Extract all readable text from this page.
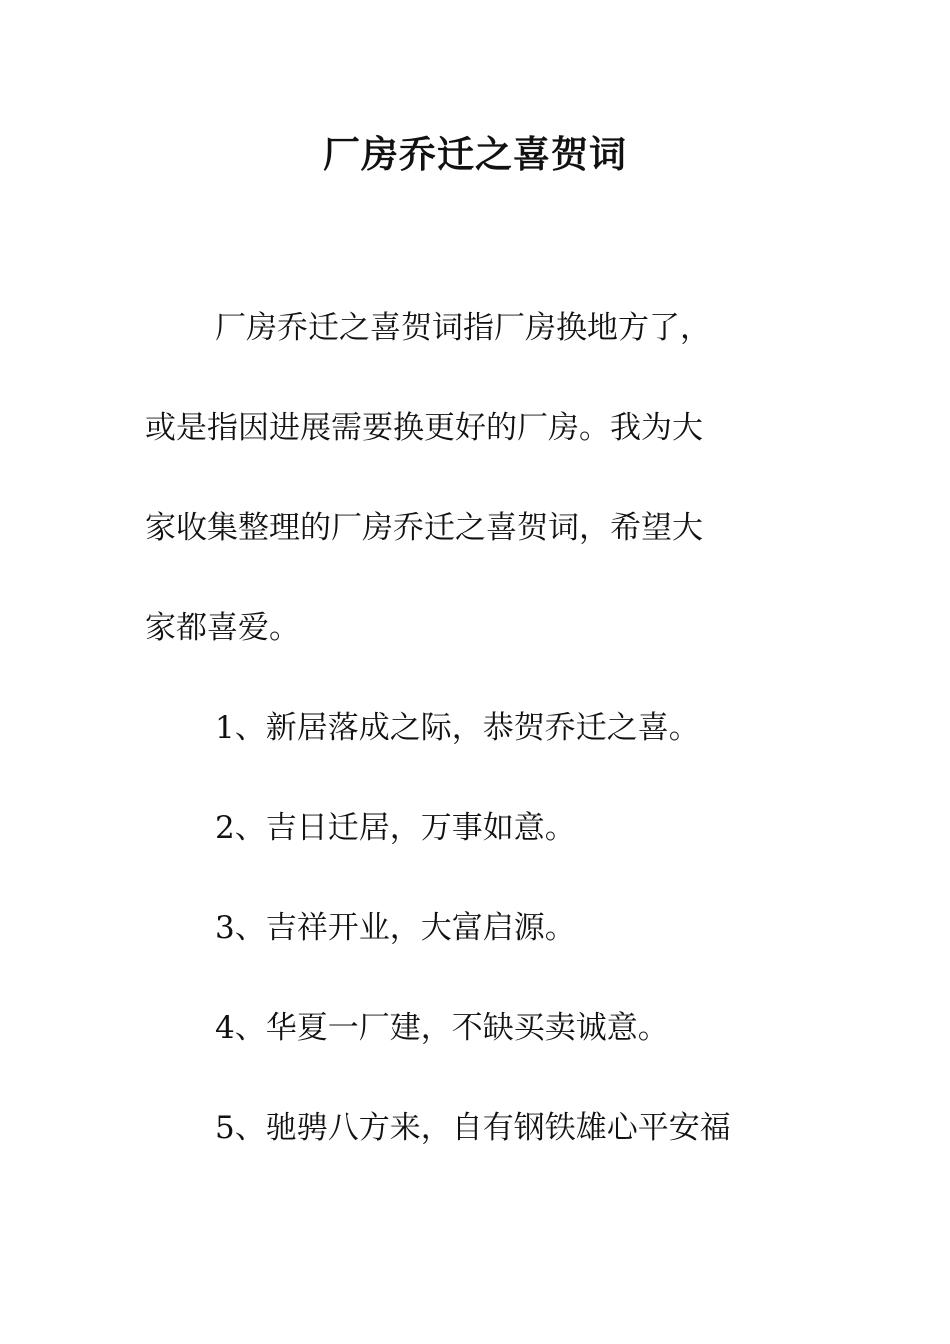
厂房乔迁之喜贺词
厂房乔迁之喜贺词指厂房换地方了，
或是指因进展需要换更好的厂房。我为大
家收集整理的厂房乔迁之喜贺词，希望大
家都喜爱。
1、新居落成之际，恭贺乔迁之喜。
2、吉日迁居，万事如意。
3、吉祥开业，大富启源。
4、华夏一厂建，不缺买卖诚意。
5、驰骋八方来，自有钢铁雄心平安福
